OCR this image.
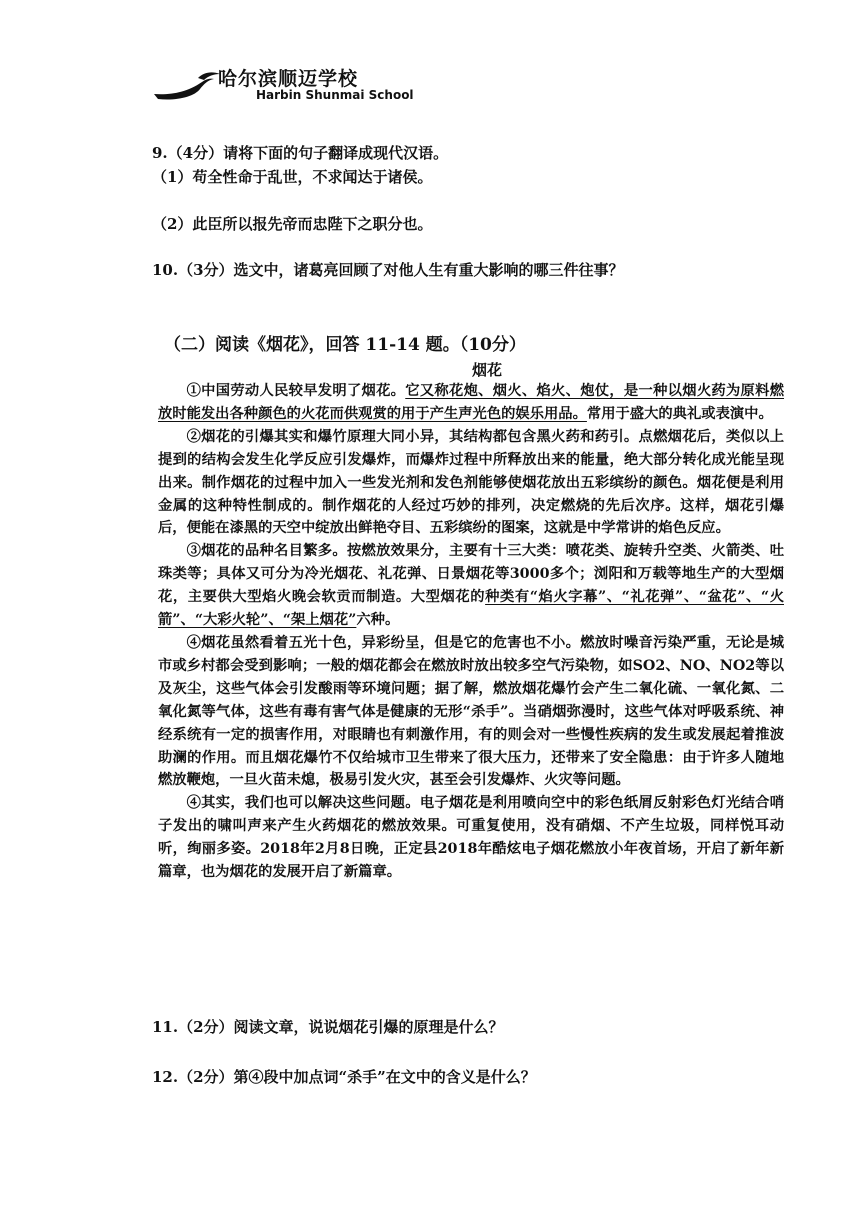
哈尔滨顺迈学校
Harbin Shunmai School
9.（4分）请将下面的句子翻译成现代汉语。
（1）苟全性命于乱世，不求闻达于诸侯。
（2）此臣所以报先帝而忠陛下之职分也。
10.（3分）选文中，诸葛亮回顾了对他人生有重大影响的哪三件往事？
（二）阅读《烟花》，回答 11-14 题。（10分）
烟花

①中国劳动人民较早发明了烟花。它又称花炮、烟火、焰火、炮仗，是一种以烟火药为原料燃放时能发出各种颜色的火花而供观赏的用于产生声光色的娱乐用品。常用于盛大的典礼或表演中。

②烟花的引爆其实和爆竹原理大同小异，其结构都包含黑火药和药引。点燃烟花后，类似以上提到的结构会发生化学反应引发爆炸，而爆炸过程中所释放出来的能量，绝大部分转化成光能呈现出来。制作烟花的过程中加入一些发光剂和发色剂能够使烟花放出五彩缤纷的颜色。烟花便是利用金属的这种特性制成的。制作烟花的人经过巧妙的排列，决定燃烧的先后次序。这样，烟花引爆后，便能在漆黑的天空中绽放出鲜艳夺目、五彩缤纷的图案，这就是中学常讲的焰色反应。

③烟花的品种名目繁多。按燃放效果分，主要有十三大类：喷花类、旋转升空类、火箭类、吐珠类等；具体又可分为冷光烟花、礼花弹、日景烟花等3000多个；浏阳和万载等地生产的大型烟花，主要供大型焰火晚会软贡而制造。大型烟花的种类有“焰火字幕”、“礼花弹”、“盆花”、“火箭”、“大彩火轮”、“架上烟花”六种。

④烟花虽然看着五光十色，异彩纷呈，但是它的危害也不小。燃放时噪音污染严重，无论是城市或乡村都会受到影响；一般的烟花都会在燃放时放出较多空气污染物，如SO2、NO、NO2等以及灰尘，这些气体会引发酸雨等环境问题；据了解，燃放烟花爆竹会产生二氧化硫、一氧化氮、二氧化氮等气体，这些有毒有害气体是健康的无形“杀手”。当硝烟弥漫时，这些气体对呼吸系统、神经系统有一定的损害作用，对眼睛也有刺激作用，有的则会对一些慢性疾病的发生或发展起着推波助澜的作用。而且烟花爆竹不仅给城市卫生带来了很大压力，还带来了安全隐患：由于许多人随地燃放鞭炮，一旦火苗未熄，极易引发火灾，甚至会引发爆炸、火灾等问题。

④其实，我们也可以解决这些问题。电子烟花是利用喷向空中的彩色纸屑反射彩色灯光结合哨子发出的啸叫声来产生火药烟花的燃放效果。可重复使用，没有硝烟、不产生垃圾，同样悦耳动听，绚丽多姿。2018年2月8日晚，正定县2018年酷炫电子烟花燃放小年夜首场，开启了新年新篇章，也为烟花的发展开启了新篇章。

11.（2分）阅读文章，说说烟花引爆的原理是什么？
12.（2分）第④段中加点词“杀手”在文中的含义是什么？
